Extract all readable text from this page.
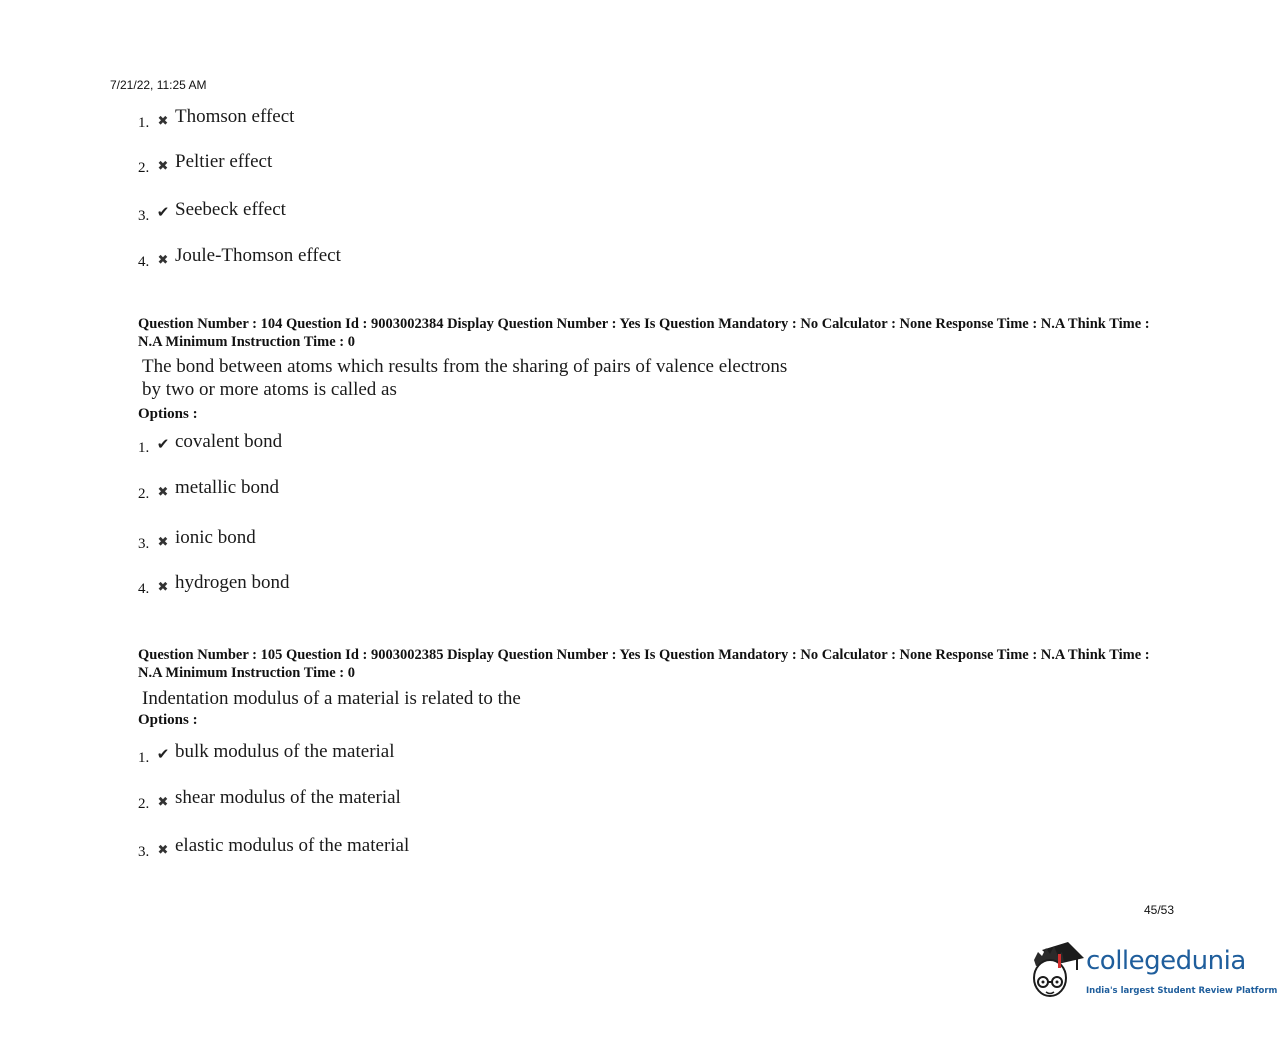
7/21/22, 11:25 AM
1. ✖ Thomson effect
2. ✖ Peltier effect
3. ✔ Seebeck effect
4. ✖ Joule-Thomson effect
Question Number : 104 Question Id : 9003002384 Display Question Number : Yes Is Question Mandatory : No Calculator : None Response Time : N.A Think Time : N.A Minimum Instruction Time : 0
The bond between atoms which results from the sharing of pairs of valence electrons
by two or more atoms is called as
Options :
1. ✔ covalent bond
2. ✖ metallic bond
3. ✖ ionic bond
4. ✖ hydrogen bond
Question Number : 105 Question Id : 9003002385 Display Question Number : Yes Is Question Mandatory : No Calculator : None Response Time : N.A Think Time : N.A Minimum Instruction Time : 0
Indentation modulus of a material is related to the
Options :
1. ✔ bulk modulus of the material
2. ✖ shear modulus of the material
3. ✖ elastic modulus of the material
45/53
collegedunia
India's largest Student Review Platform
